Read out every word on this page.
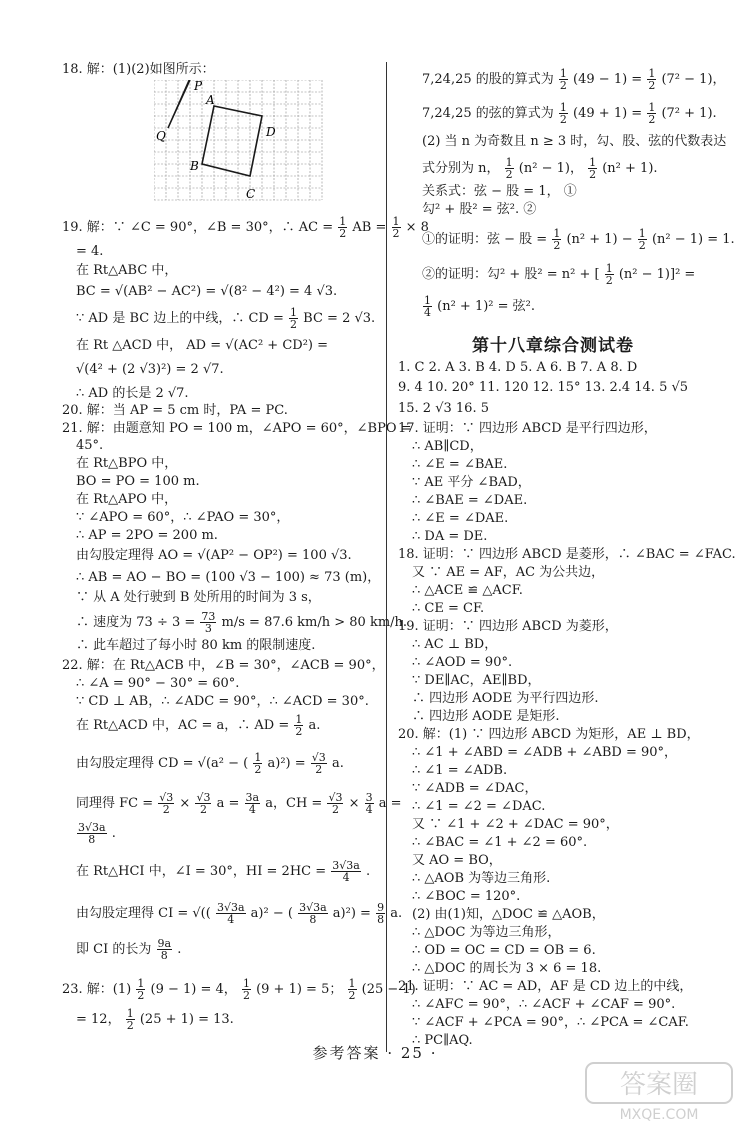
18. 解：(1)(2)如图所示：
P
A
Q	D
B
C
19. 解：∵ ∠C = 90°，∠B = 30°，∴ AC = $\frac{1}{2}$ AB = $\frac{1}{2} \times 8$
= 4.
在 Rt△ABC 中，
BC = √(AB² − AC²) = √(8² − 4²) = 4 √3.
∵ AD 是 BC 边上的中线，∴ CD = $\frac{1}{2}$ BC = 2 √3.
在 Rt △ACD 中， AD = √(AC² + CD²) =
√(4² + (2 √3)²) = 2 √7.
∴ AD 的长是 2 √7.
20. 解：当 AP = 5 cm 时，PA = PC.
21. 解：由题意知 PO = 100 m，∠APO = 60°，∠BPO =
45°.
在 Rt△BPO 中，
BO = PO = 100 m.
在 Rt△APO 中，
∵ ∠APO = 60°，∴ ∠PAO = 30°，
∴ AP = 2PO = 200 m.
由勾股定理得 AO = √(AP² − OP²) = 100 √3.
∴ AB = AO − BO = (100 √3 − 100) ≈ 73 (m)，
∵ 从 A 处行驶到 B 处所用的时间为 3 s，
∴ 速度为 $73 \div 3 = \frac{73}{3} m/s = 87.6$ km/h > 80 km/h.
∴ 此车超过了每小时 80 km 的限制速度.
22. 解：在 Rt△ACB 中，∠B = 30°，∠ACB = 90°，
∴ ∠A = 90° − 30° = 60°.
∵ CD ⊥ AB，∴ ∠ADC = 90°，∴ ∠ACD = 30°.
在 Rt△ACD 中，AC = a，∴ AD = $\frac{1}{2} a$.
由勾股定理得 CD = √(a² − ( $\frac{1}{2} a)^2) = \frac{√3}{2} a$.
同理得 FC = $\frac{√3}{2} \times \frac{√3}{2}$ $a = \frac{3a}{4}$ a，CH = $\frac{√3}{2} \times \frac{3}{4}$ a =
$\frac{3√3a}{8}$ .
在 Rt△HCI 中，∠I = 30°，HI = $2HC = \frac{3√3a}{4}$ .
由勾股定理得 CI = √(( $\frac{3√3a}{4} a)^2$ − ( $\frac{3√3a}{8} a)^2) = \frac{9}{8} a$.
即 CI 的长为 $\frac{9a}{8}$ .
23. 解：$(1) \frac{1}{2} (9 - 1) = 4$， $\frac{1}{2} (9 + 1) = 5$； $\frac{1}{2} (25 - 1)$
= 12， $\frac{1}{2} (25 + 1) = 13$.
7,24,25 的股的算式为 $\frac{1}{2} (49 - 1) = \frac{1}{2} (7^2 - 1)$，
7,24,25 的弦的算式为 $\frac{1}{2} (49 + 1) = \frac{1}{2} (7^2 + 1)$.
(2) 当 n 为奇数且 n ≥ 3 时，勾、股、弦的代数表达
式分别为 n， $\frac{1}{2} (n^2 - 1)$， $\frac{1}{2} (n^2 + 1)$.
关系式：弦 − 股 = 1， ①
勾² + 股² = 弦². ②
①的证明：弦 − 股 = $\frac{1}{2} (n^2 + 1) - \frac{1}{2} (n^2 - 1) = 1$.
②的证明：勾² + 股² = n² + [ $\frac{1}{2} (n^2 - 1)]^2$ =
$\frac{1}{4} (n^2 + 1)^2$ = 弦².
第十八章综合测试卷
1. C 2. A 3. B 4. D 5. A 6. B 7. A 8. D
9. 4 10. 20° 11. 120 12. 15° 13. 2.4 14. 5 √5
15. 2 √3 16. 5
17. 证明：∵ 四边形 ABCD 是平行四边形，
∴ AB∥CD，
∴ ∠E = ∠BAE.
∵ AE 平分 ∠BAD，
∴ ∠BAE = ∠DAE.
∴ ∠E = ∠DAE.
∴ DA = DE.
18. 证明：∵ 四边形 ABCD 是菱形，∴ ∠BAC = ∠FAC.
又 ∵ AE = AF，AC 为公共边，
∴ △ACE ≌ △ACF.
∴ CE = CF.
19. 证明：∵ 四边形 ABCD 为菱形，
∴ AC ⊥ BD，
∴ ∠AOD = 90°.
∵ DE∥AC，AE∥BD，
∴ 四边形 AODE 为平行四边形.
∴ 四边形 AODE 是矩形.
20. 解：(1) ∵ 四边形 ABCD 为矩形，AE ⊥ BD，
∴ ∠1 + ∠ABD = ∠ADB + ∠ABD = 90°，
∴ ∠1 = ∠ADB.
∵ ∠ADB = ∠DAC，
∴ ∠1 = ∠2 = ∠DAC.
又 ∵ ∠1 + ∠2 + ∠DAC = 90°，
∴ ∠BAC = ∠1 + ∠2 = 60°.
又 AO = BO，
∴ △AOB 为等边三角形.
∴ ∠BOC = 120°.
(2) 由(1)知，△DOC ≌ △AOB，
∴ △DOC 为等边三角形，
∴ OD = OC = CD = OB = 6.
∴ △DOC 的周长为 3 × 6 = 18.
21. 证明：∵ AC = AD，AF 是 CD 边上的中线，
∴ ∠AFC = 90°，∴ ∠ACF + ∠CAF = 90°.
∵ ∠ACF + ∠PCA = 90°，∴ ∠PCA = ∠CAF.
∴ PC∥AQ.
参考答案 · 25 ·
答案圈
MXQE.COM
